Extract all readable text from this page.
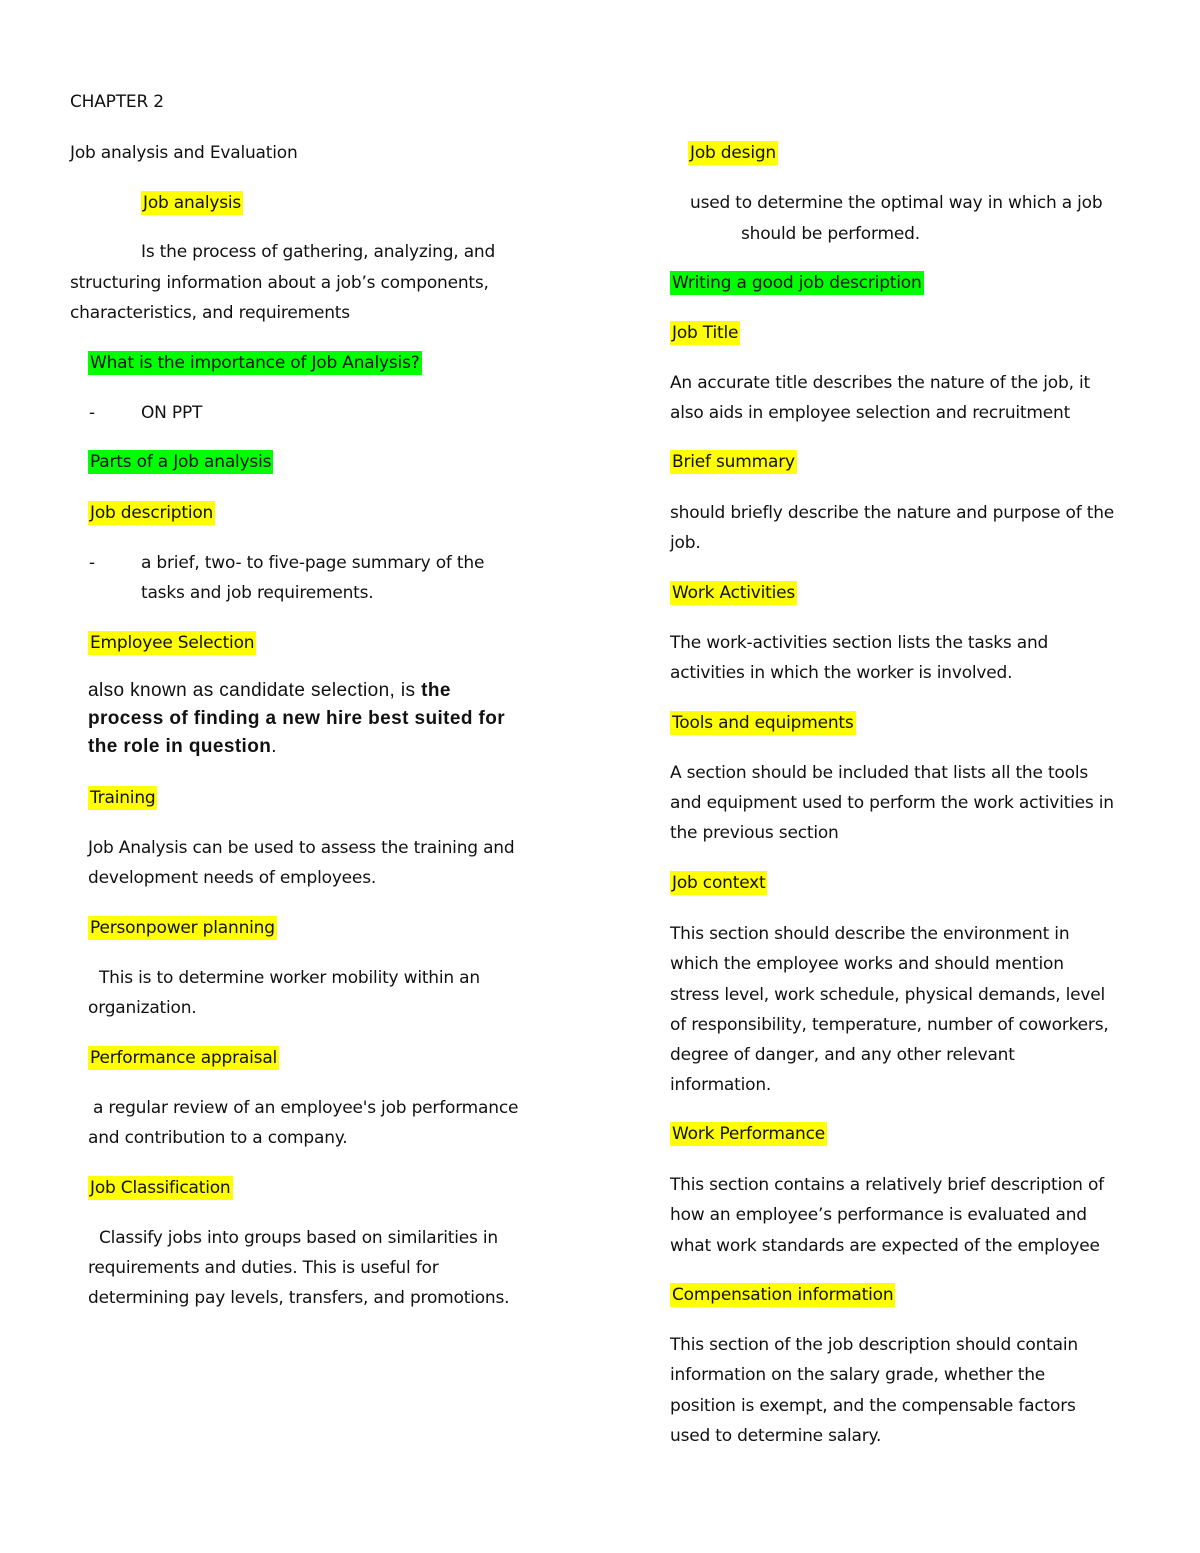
CHAPTER 2
Job analysis and Evaluation
Job analysis
Is the process of gathering, analyzing, and
structuring information about a job’s components,
characteristics, and requirements
What is the importance of Job Analysis?
-	ON PPT
Parts of a Job analysis
Job description
-	a brief, two- to five-page summary of the
tasks and job requirements.
Employee Selection
also known as candidate selection, is the
process of finding a new hire best suited for
the role in question.
Training
Job Analysis can be used to assess the training and
development needs of employees.
Personpower planning
This is to determine worker mobility within an
organization.
Performance appraisal
a regular review of an employee's job performance
and contribution to a company.
Job Classification
Classify jobs into groups based on similarities in
requirements and duties. This is useful for
determining pay levels, transfers, and promotions.
Job design
used to determine the optimal way in which a job
should be performed.
Writing a good job description
Job Title
An accurate title describes the nature of the job, it
also aids in employee selection and recruitment
Brief summary
should briefly describe the nature and purpose of the
job.
Work Activities
The work-activities section lists the tasks and
activities in which the worker is involved.
Tools and equipments
A section should be included that lists all the tools
and equipment used to perform the work activities in
the previous section
Job context
This section should describe the environment in
which the employee works and should mention
stress level, work schedule, physical demands, level
of responsibility, temperature, number of coworkers,
degree of danger, and any other relevant
information.
Work Performance
This section contains a relatively brief description of
how an employee’s performance is evaluated and
what work standards are expected of the employee
Compensation information
This section of the job description should contain
information on the salary grade, whether the
position is exempt, and the compensable factors
used to determine salary.
